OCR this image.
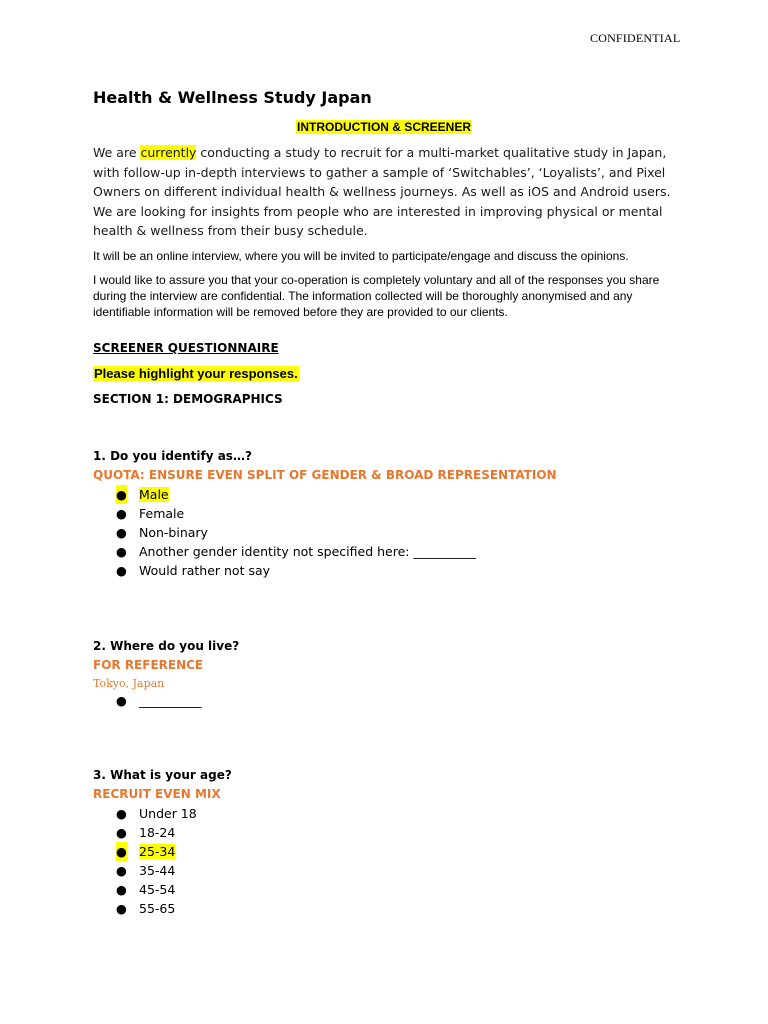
CONFIDENTIAL
Health & Wellness Study Japan
INTRODUCTION & SCREENER
We are currently conducting a study to recruit for a multi-market qualitative study in Japan, with follow-up in-depth interviews to gather a sample of ‘Switchables’, ‘Loyalists’, and Pixel Owners on different individual health & wellness journeys. As well as iOS and Android users. We are looking for insights from people who are interested in improving physical or mental health & wellness from their busy schedule.
It will be an online interview, where you will be invited to participate/engage and discuss the opinions.
I would like to assure you that your co-operation is completely voluntary and all of the responses you share during the interview are confidential. The information collected will be thoroughly anonymised and any identifiable information will be removed before they are provided to our clients.
SCREENER QUESTIONNAIRE
Please highlight your responses.
SECTION 1: DEMOGRAPHICS
1. Do you identify as…?
QUOTA: ENSURE EVEN SPLIT OF GENDER & BROAD REPRESENTATION
● Male
● Female
● Non-binary
● Another gender identity not specified here: __________
● Would rather not say
2. Where do you live?
FOR REFERENCE
Tokyo, Japan
● __________
3. What is your age?
RECRUIT EVEN MIX
● Under 18
● 18-24
● 25-34
● 35-44
● 45-54
● 55-65
